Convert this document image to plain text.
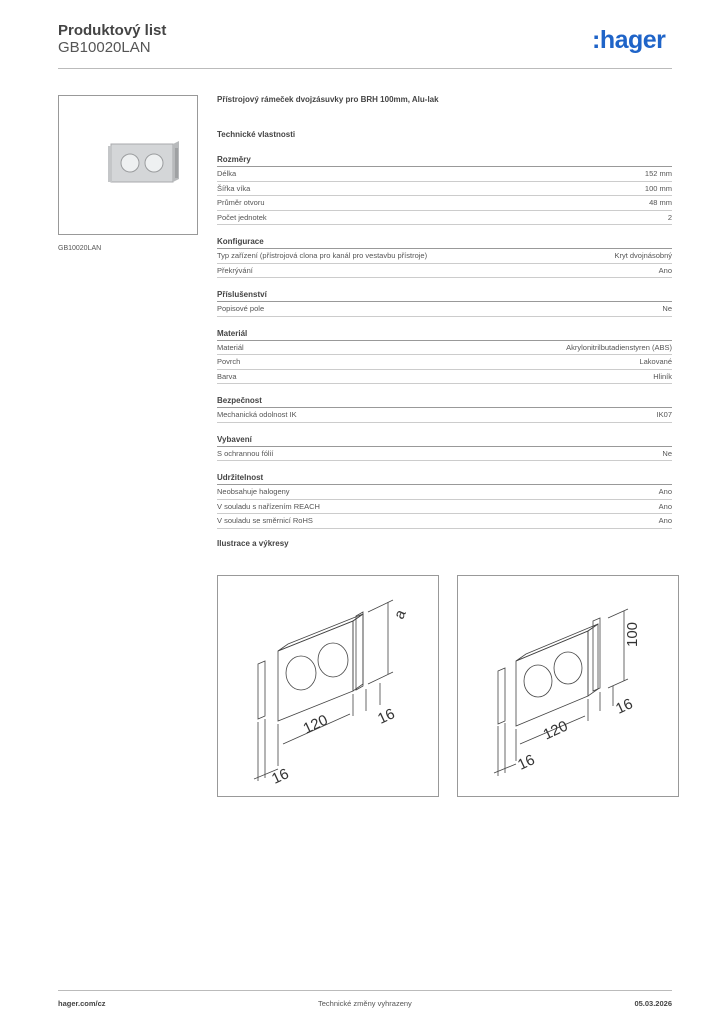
Produktový list
GB10020LAN	:hager
GB10020LAN
Přístrojový rámeček dvojzásuvky pro BRH 100mm, Alu-lak
Technické vlastnosti
Rozměry
Délka	152 mm
Šířka víka	100 mm
Průměr otvoru	48 mm
Počet jednotek	2
Konfigurace
Typ zařízení (přístrojová clona pro kanál pro vestavbu přístroje)	Kryt dvojnásobný
Překrývání	Ano
Příslušenství
Popisové pole	Ne
Materiál
Materiál	Akrylonitrilbutadienstyren (ABS)
Povrch	Lakované
Barva	Hliník
Bezpečnost
Mechanická odolnost IK	IK07
Vybavení
S ochrannou fólií	Ne
Udržitelnost
Neobsahuje halogeny	Ano
V souladu s nařízením REACH	Ano
V souladu se směrnicí RoHS	Ano
Ilustrace a výkresy
a
120	16
16
100
120
16
16
hager.com/cz	Technické změny vyhrazeny	05.03.2026
